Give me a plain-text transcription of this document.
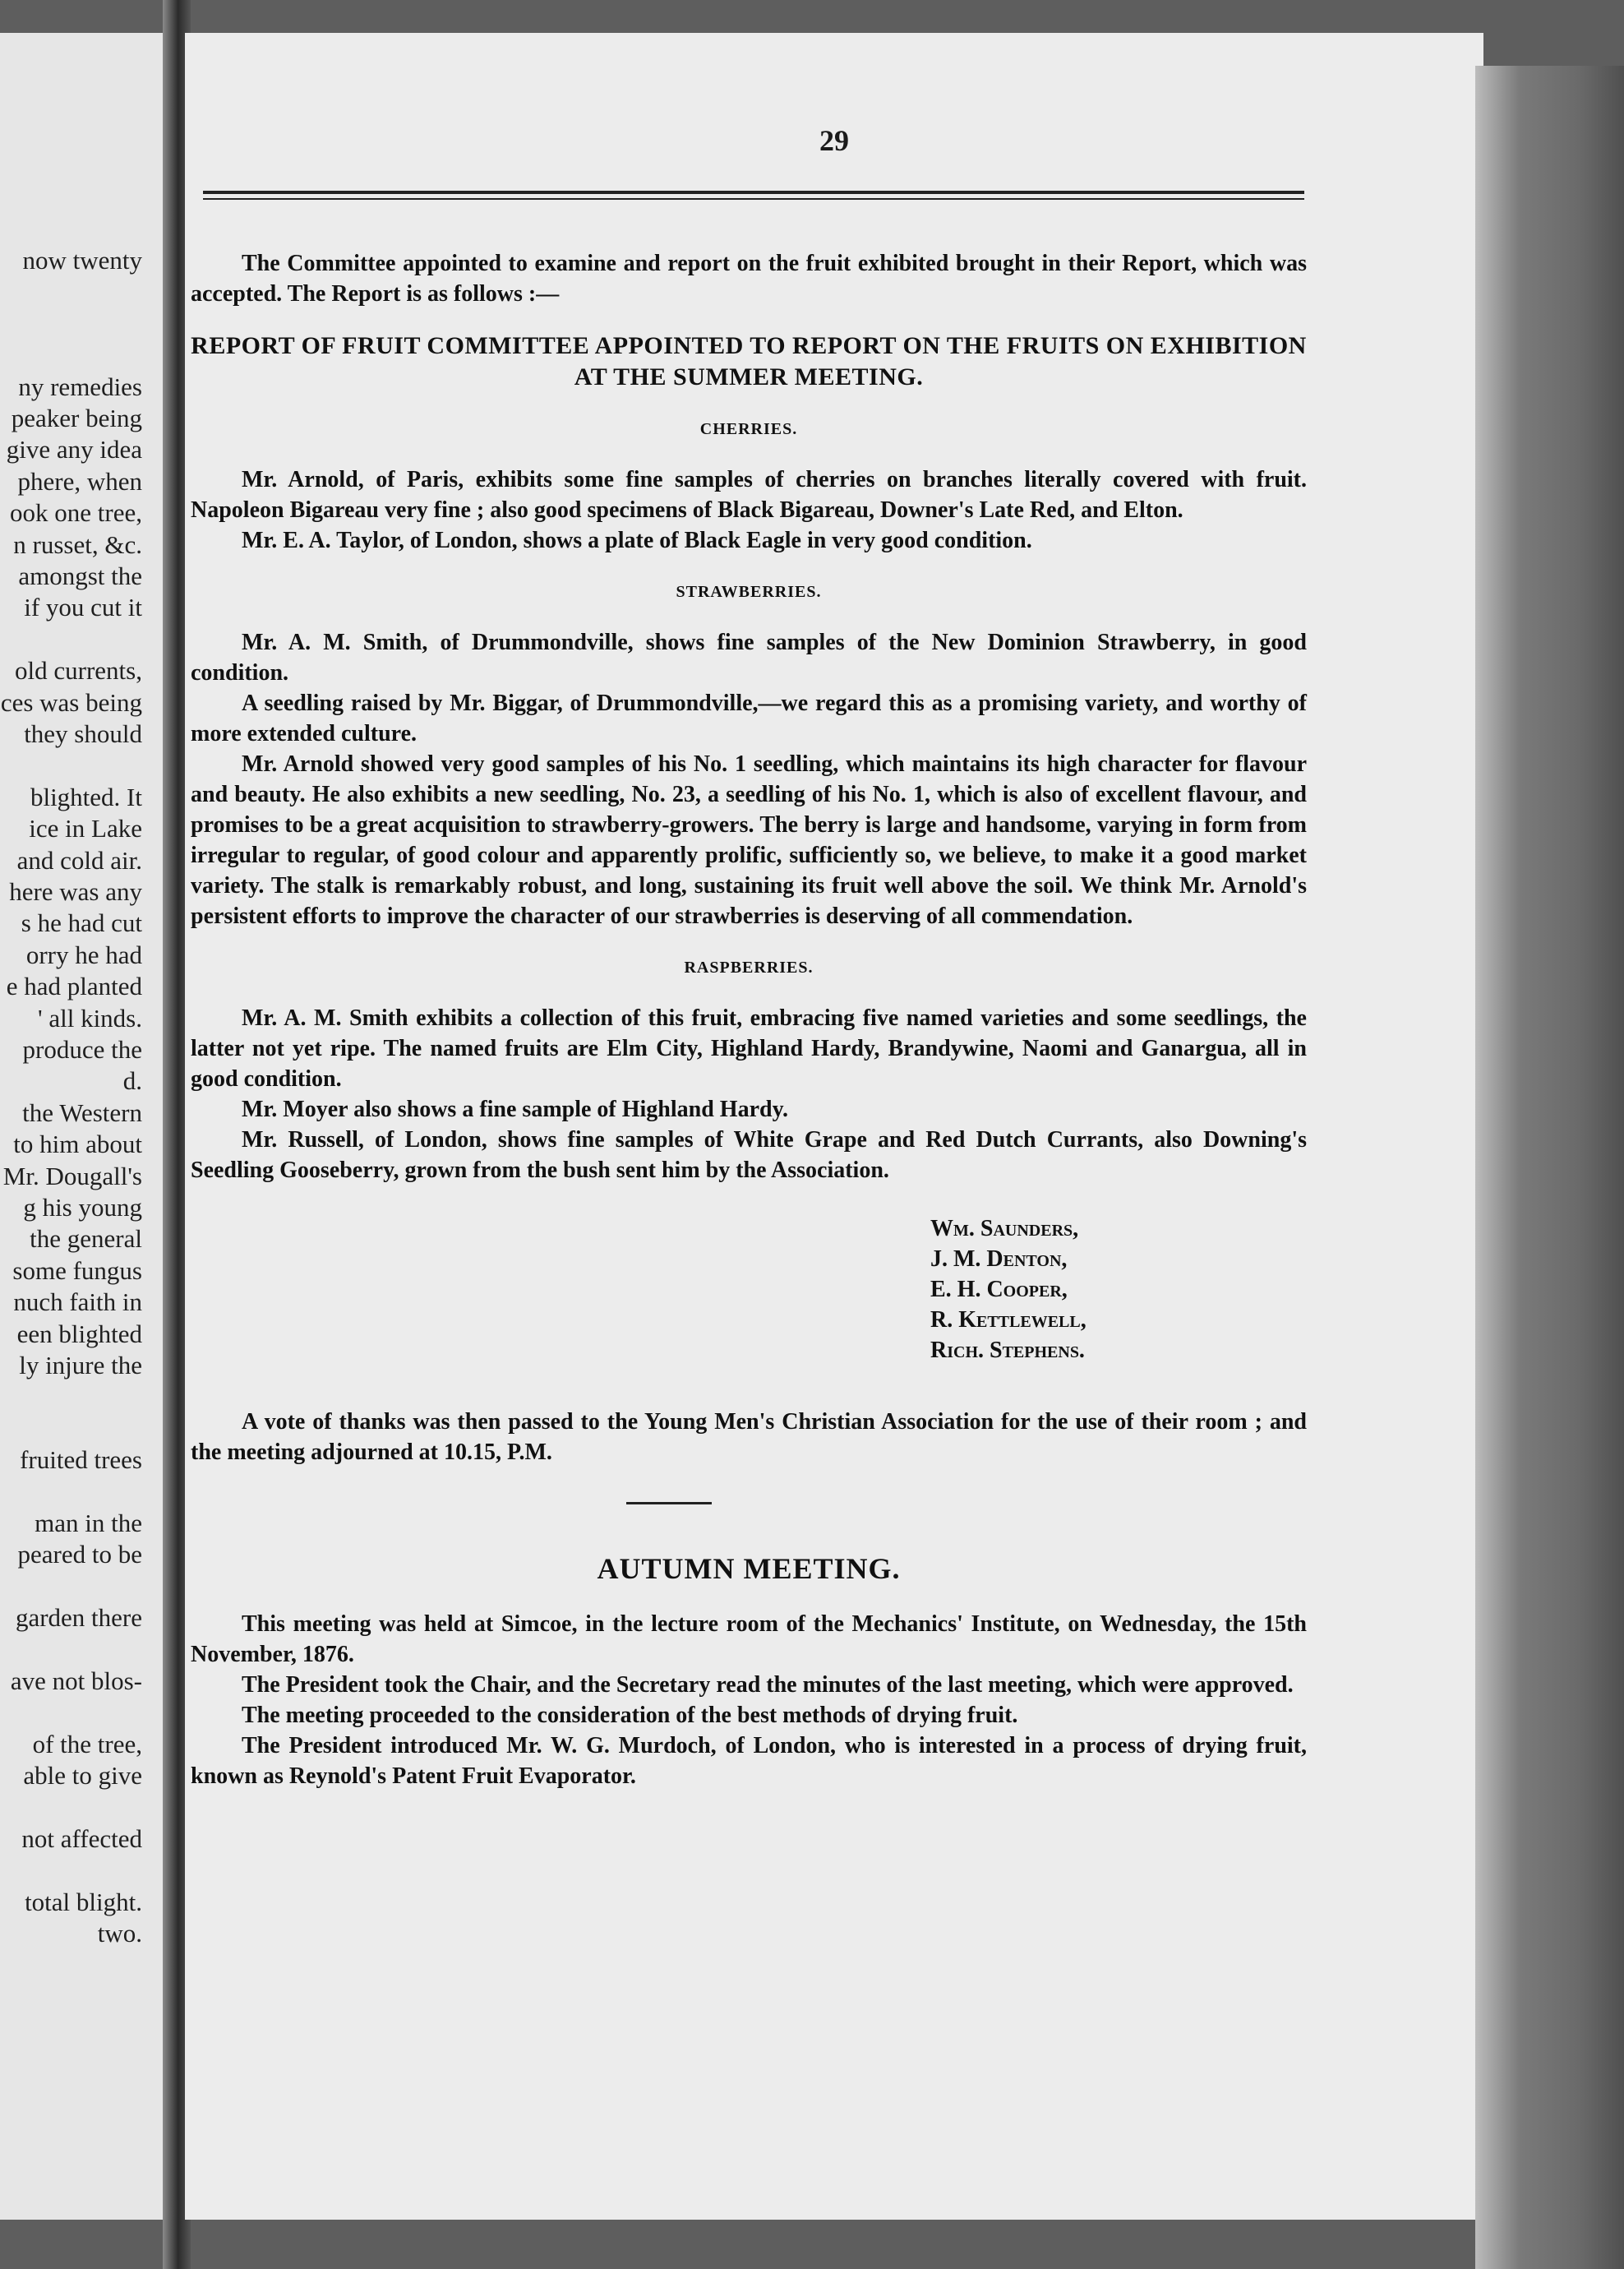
now twenty

ny remedies

peaker being

give any idea

phere, when

ook one tree,

n russet, &c.

amongst the

if you cut it

old currents,

ces was being

they should

blighted. It

ice in Lake

and cold air.

here was any

s he had cut

orry he had

e had planted

' all kinds.

produce the

d.

the Western

to him about

Mr. Dougall's

g his young

the general

some fungus

nuch faith in

een blighted

ly injure the

fruited trees

man in the

peared to be

garden there

ave not blos-

of the tree,

able to give

not affected

total blight.

two.

29

The Committee appointed to examine and report on the fruit exhibited brought in their Report, which was accepted. The Report is as follows :—

REPORT OF FRUIT COMMITTEE APPOINTED TO REPORT ON THE FRUITS ON EXHIBITION AT THE SUMMER MEETING.
CHERRIES.

Mr. Arnold, of Paris, exhibits some fine samples of cherries on branches literally covered with fruit. Napoleon Bigareau very fine ; also good specimens of Black Bigareau, Downer's Late Red, and Elton.

Mr. E. A. Taylor, of London, shows a plate of Black Eagle in very good condition.

STRAWBERRIES.

Mr. A. M. Smith, of Drummondville, shows fine samples of the New Dominion Strawberry, in good condition.

A seedling raised by Mr. Biggar, of Drummondville,—we regard this as a promising variety, and worthy of more extended culture.

Mr. Arnold showed very good samples of his No. 1 seedling, which maintains its high character for flavour and beauty. He also exhibits a new seedling, No. 23, a seedling of his No. 1, which is also of excellent flavour, and promises to be a great acquisition to strawberry-growers. The berry is large and handsome, varying in form from irregular to regular, of good colour and apparently prolific, sufficiently so, we believe, to make it a good market variety. The stalk is remarkably robust, and long, sustaining its fruit well above the soil. We think Mr. Arnold's persistent efforts to improve the character of our strawberries is deserving of all commendation.

RASPBERRIES.

Mr. A. M. Smith exhibits a collection of this fruit, embracing five named varieties and some seedlings, the latter not yet ripe. The named fruits are Elm City, Highland Hardy, Brandywine, Naomi and Ganargua, all in good condition.

Mr. Moyer also shows a fine sample of Highland Hardy.

Mr. Russell, of London, shows fine samples of White Grape and Red Dutch Currants, also Downing's Seedling Gooseberry, grown from the bush sent him by the Association.

Wm. Saunders,
J. M. Denton,
E. H. Cooper,
R. Kettlewell,
Rich. Stephens.

A vote of thanks was then passed to the Young Men's Christian Association for the use of their room ; and the meeting adjourned at 10.15, P.M.

AUTUMN MEETING.

This meeting was held at Simcoe, in the lecture room of the Mechanics' Institute, on Wednesday, the 15th November, 1876.

The President took the Chair, and the Secretary read the minutes of the last meeting, which were approved.

The meeting proceeded to the consideration of the best methods of drying fruit.

The President introduced Mr. W. G. Murdoch, of London, who is interested in a process of drying fruit, known as Reynold's Patent Fruit Evaporator.
